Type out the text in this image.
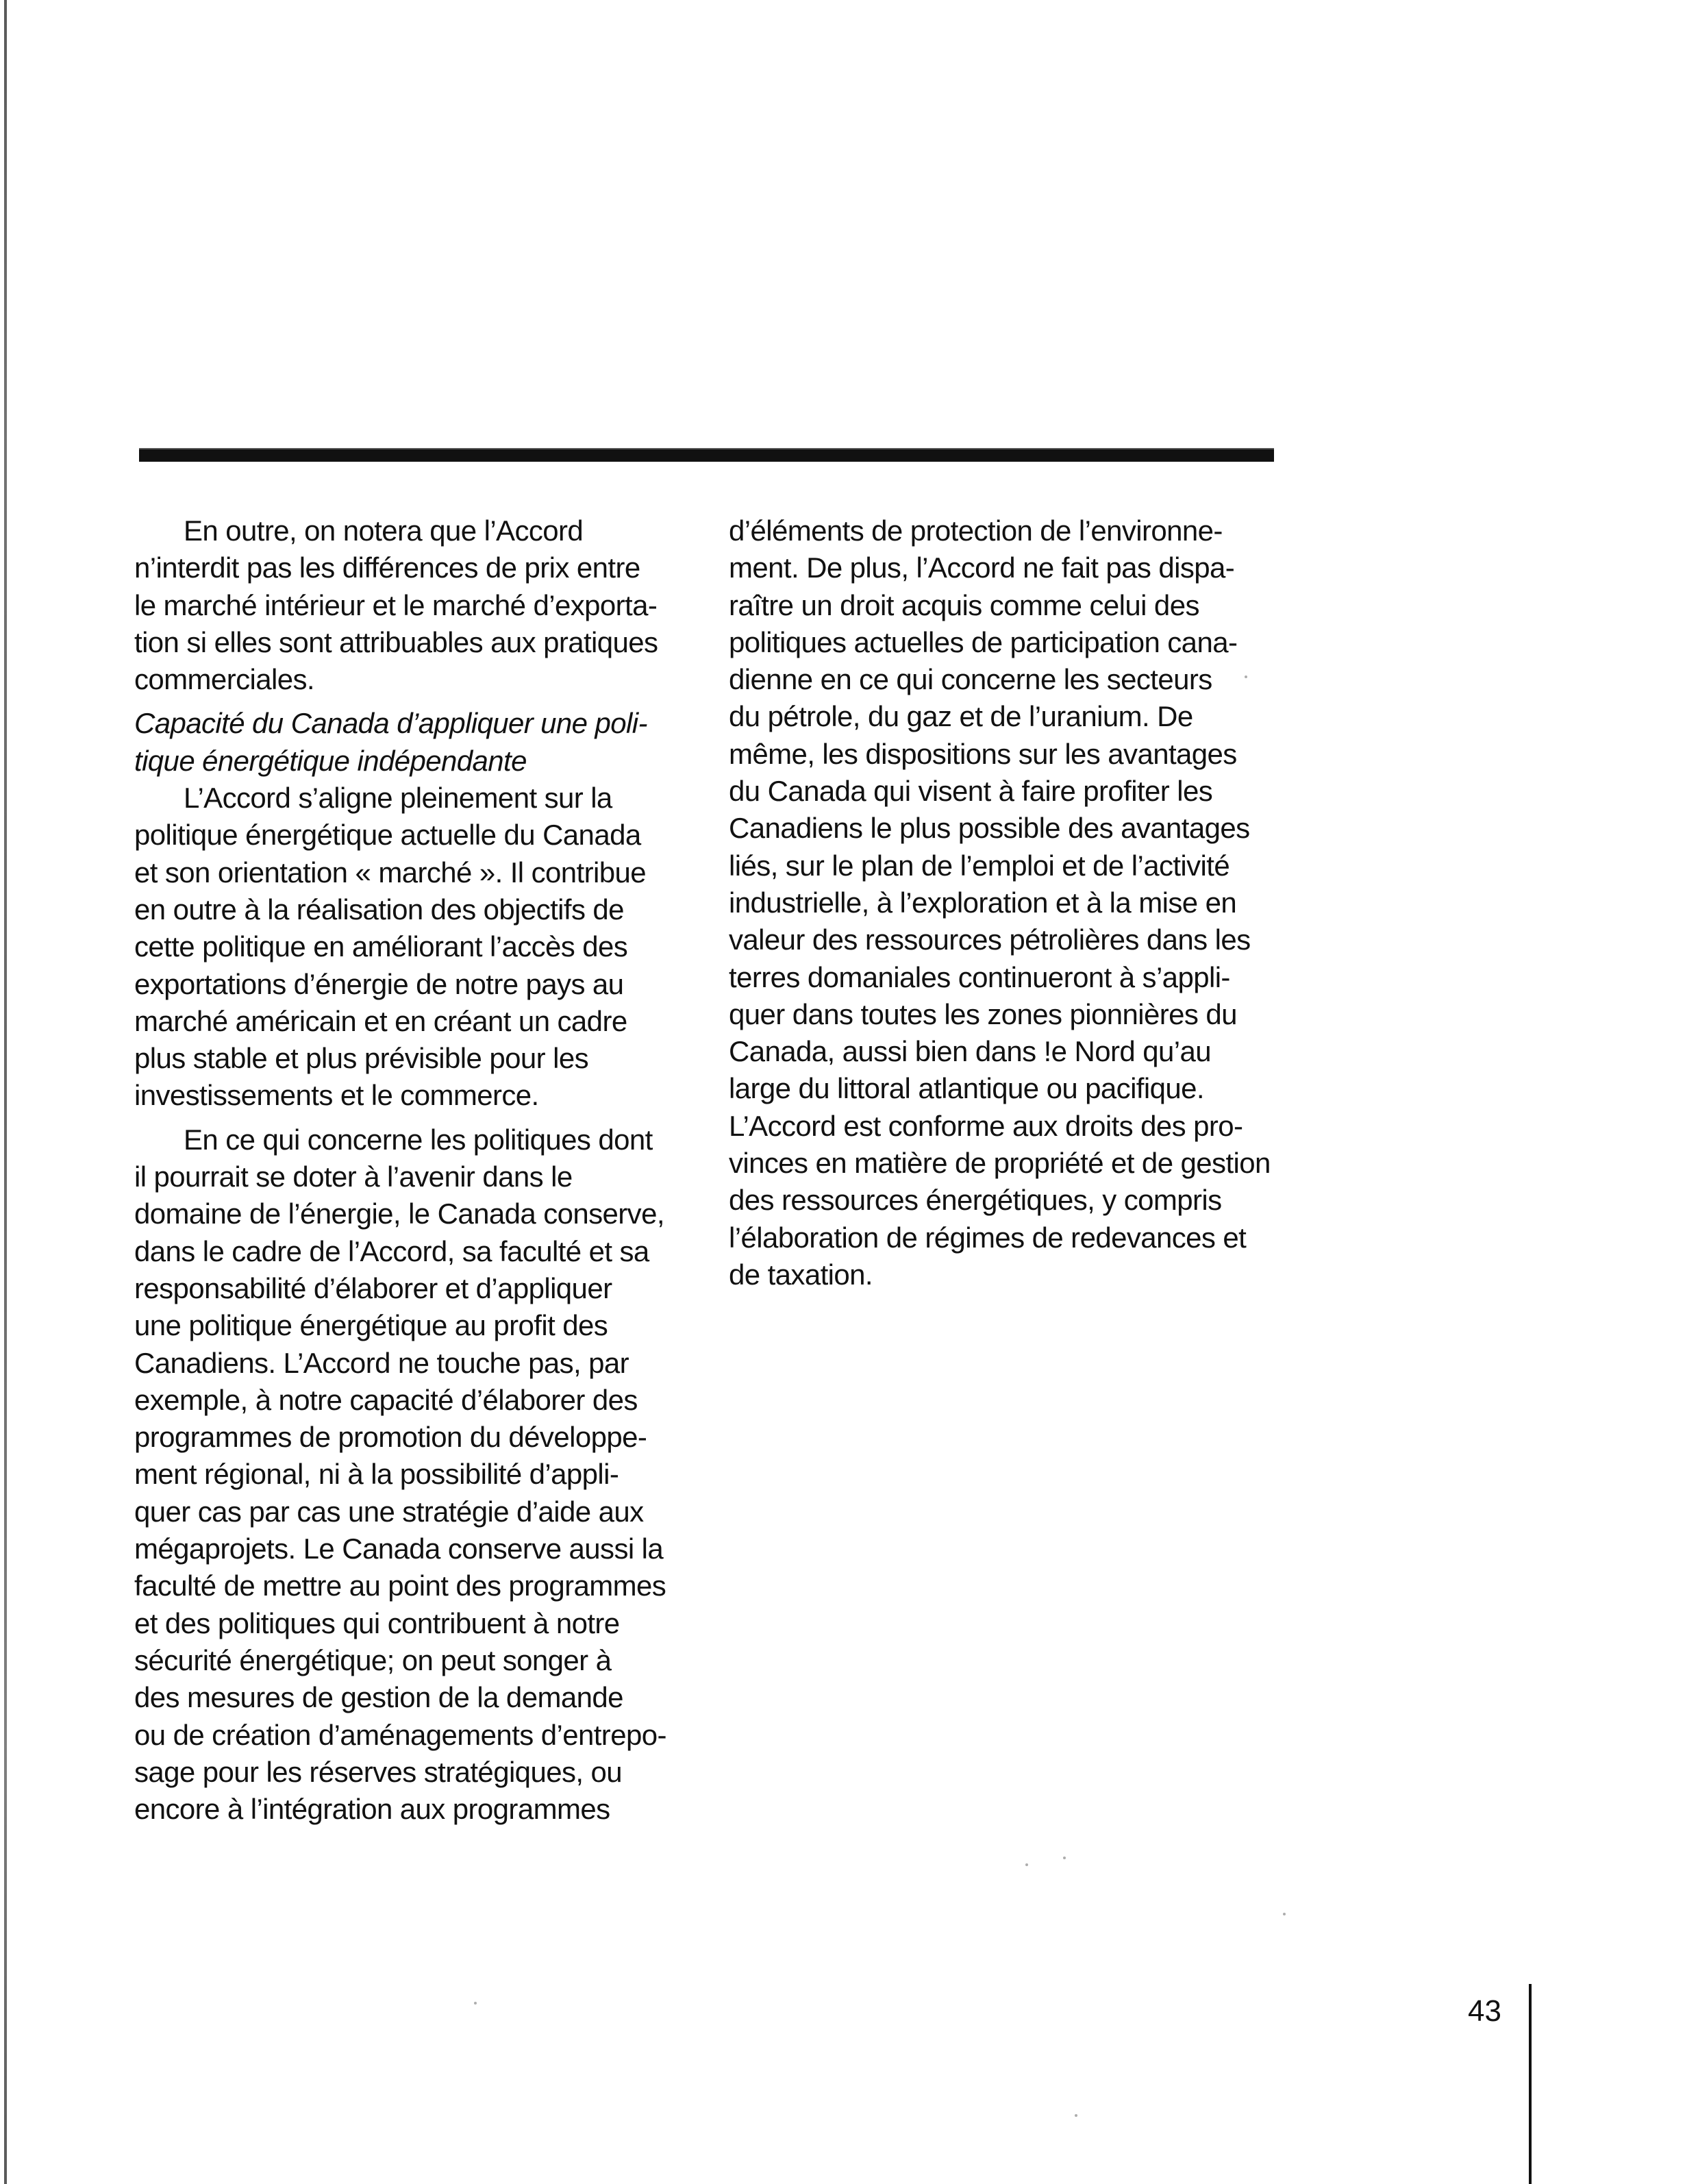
En outre, on notera que l’Accord
n’interdit pas les différences de prix entre
le marché intérieur et le marché d’exporta-
tion si elles sont attribuables aux pratiques
commerciales.
Capacité du Canada d’appliquer une poli-
tique énergétique indépendante
L’Accord s’aligne pleinement sur la
politique énergétique actuelle du Canada
et son orientation « marché ». Il contribue
en outre à la réalisation des objectifs de
cette politique en améliorant l’accès des
exportations d’énergie de notre pays au
marché américain et en créant un cadre
plus stable et plus prévisible pour les
investissements et le commerce.
En ce qui concerne les politiques dont
il pourrait se doter à l’avenir dans le
domaine de l’énergie, le Canada conserve,
dans le cadre de l’Accord, sa faculté et sa
responsabilité d’élaborer et d’appliquer
une politique énergétique au profit des
Canadiens. L’Accord ne touche pas, par
exemple, à notre capacité d’élaborer des
programmes de promotion du développe-
ment régional, ni à la possibilité d’appli-
quer cas par cas une stratégie d’aide aux
mégaprojets. Le Canada conserve aussi la
faculté de mettre au point des programmes
et des politiques qui contribuent à notre
sécurité énergétique; on peut songer à
des mesures de gestion de la demande
ou de création d’aménagements d’entrepo-
sage pour les réserves stratégiques, ou
encore à l’intégration aux programmes
d’éléments de protection de l’environne-
ment. De plus, l’Accord ne fait pas dispa-
raître un droit acquis comme celui des
politiques actuelles de participation cana-
dienne en ce qui concerne les secteurs
du pétrole, du gaz et de l’uranium. De
même, les dispositions sur les avantages
du Canada qui visent à faire profiter les
Canadiens le plus possible des avantages
liés, sur le plan de l’emploi et de l’activité
industrielle, à l’exploration et à la mise en
valeur des ressources pétrolières dans les
terres domaniales continueront à s’appli-
quer dans toutes les zones pionnières du
Canada, aussi bien dans !e Nord qu’au
large du littoral atlantique ou pacifique.
L’Accord est conforme aux droits des pro-
vinces en matière de propriété et de gestion
des ressources énergétiques, y compris
l’élaboration de régimes de redevances et
de taxation.
43
